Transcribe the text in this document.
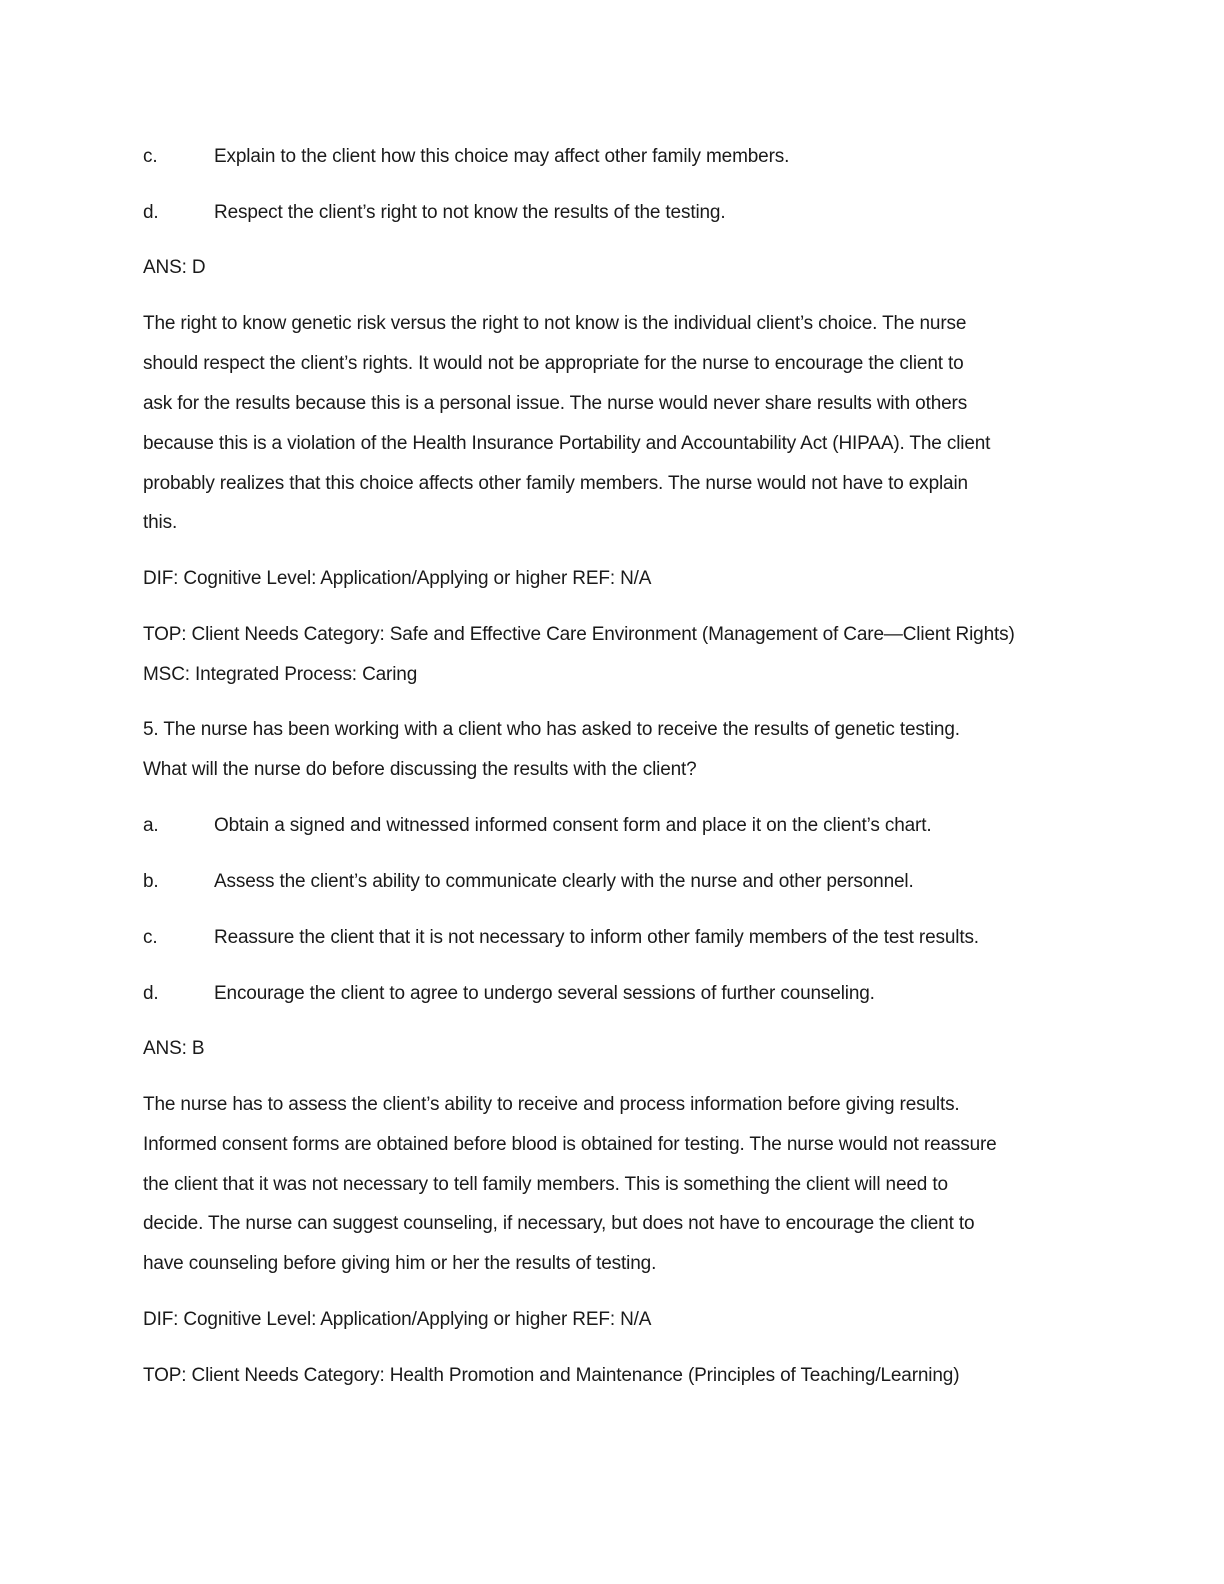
c.	Explain to the client how this choice may affect other family members.
d.	Respect the client’s right to not know the results of the testing.
ANS: D
The right to know genetic risk versus the right to not know is the individual client’s choice. The nurse
should respect the client’s rights. It would not be appropriate for the nurse to encourage the client to
ask for the results because this is a personal issue. The nurse would never share results with others
because this is a violation of the Health Insurance Portability and Accountability Act (HIPAA). The client
probably realizes that this choice affects other family members. The nurse would not have to explain
this.
DIF: Cognitive Level: Application/Applying or higher REF: N/A
TOP: Client Needs Category: Safe and Effective Care Environment (Management of Care—Client Rights)
MSC: Integrated Process: Caring
5. The nurse has been working with a client who has asked to receive the results of genetic testing.
What will the nurse do before discussing the results with the client?
a.	Obtain a signed and witnessed informed consent form and place it on the client’s chart.
b.	Assess the client’s ability to communicate clearly with the nurse and other personnel.
c.	Reassure the client that it is not necessary to inform other family members of the test results.
d.	Encourage the client to agree to undergo several sessions of further counseling.
ANS: B
The nurse has to assess the client’s ability to receive and process information before giving results.
Informed consent forms are obtained before blood is obtained for testing. The nurse would not reassure
the client that it was not necessary to tell family members. This is something the client will need to
decide. The nurse can suggest counseling, if necessary, but does not have to encourage the client to
have counseling before giving him or her the results of testing.
DIF: Cognitive Level: Application/Applying or higher REF: N/A
TOP: Client Needs Category: Health Promotion and Maintenance (Principles of Teaching/Learning)
